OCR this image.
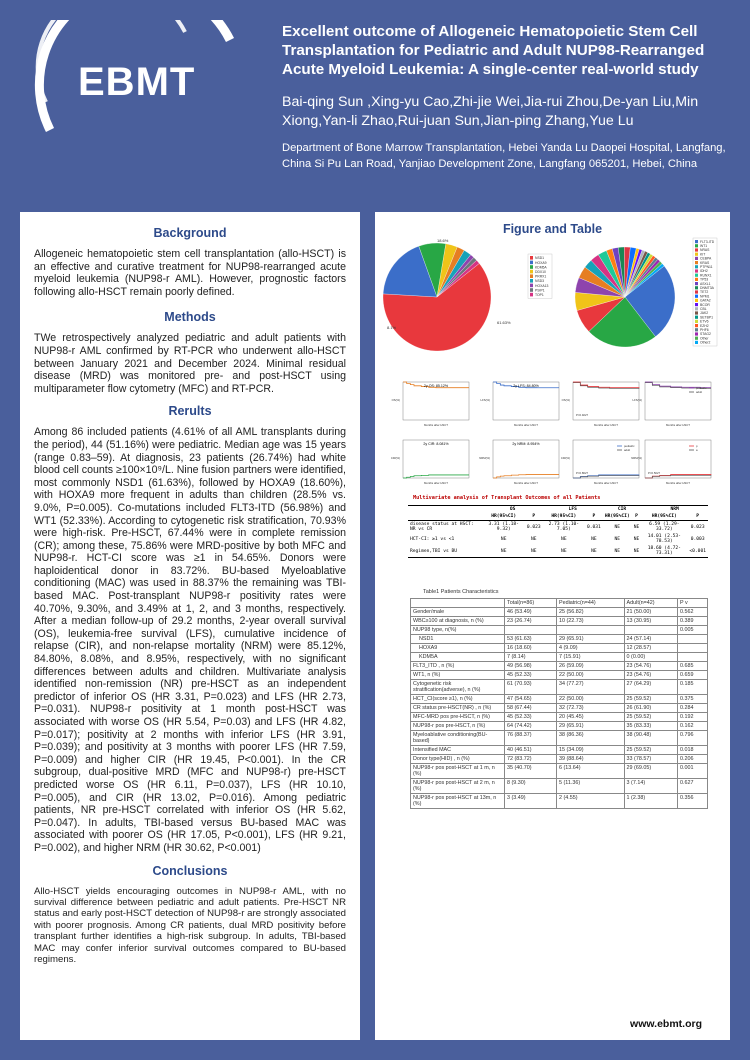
EBMT
Excellent outcome of Allogeneic Hematopoietic Stem Cell Transplantation for Pediatric and Adult NUP98-Rearranged Acute Myeloid Leukemia: A single-center real-world study
Bai-qing Sun ,Xing-yu Cao,Zhi-jie Wei,Jia-rui Zhou,De-yan Liu,Min Xiong,Yan-li Zhao,Rui-juan Sun,Jian-ping Zhang,Yue Lu
Department of Bone Marrow Transplantation, Hebei Yanda Lu Daopei Hospital, Langfang, China Si Pu Lan Road, Yanjiao Development Zone, Langfang 065201, Hebei, China
Background

Allogeneic hematopoietic stem cell transplantation (allo-HSCT) is an effective and curative treatment for NUP98-rearranged acute myeloid leukemia (NUP98-r AML). However, prognostic factors following allo-HSCT remain poorly defined.

Methods

TWe retrospectively analyzed pediatric and adult patients with NUP98-r AML confirmed by RT-PCR who underwent allo-HSCT between January 2021 and December 2024. Minimal residual disease (MRD) was monitored pre- and post-HSCT using multiparameter flow cytometry (MFC) and RT-PCR.

Rerults

Among 86 included patients (4.61% of all AML transplants during the period), 44 (51.16%) were pediatric. Median age was 15 years (range 0.83–59). At diagnosis, 23 patients (26.74%) had white blood cell counts ≥100×10⁹/L. Nine fusion partners were identified, most commonly NSD1 (61.63%), followed by HOXA9 (18.60%), with HOXA9 more frequent in adults than children (28.5% vs. 9.0%, P=0.005). Co-mutations included FLT3-ITD (56.98%) and WT1 (52.33%). According to cytogenetic risk stratification, 70.93% were high-risk. Pre-HSCT, 67.44% were in complete remission (CR); among these, 75.86% were MRD-positive by both MFC and NUP98-r. HCT-CI score was ≥1 in 54.65%. Donors were haploidentical donor in 83.72%. BU-based Myeloablative conditioning (MAC) was used in 88.37% the remaining was TBI-based MAC. Post-transplant NUP98-r positivity rates were 40.70%, 9.30%, and 3.49% at 1, 2, and 3 months, respectively. After a median follow-up of 29.2 months, 2-year overall survival (OS), leukemia-free survival (LFS), cumulative incidence of relapse (CIR), and non-relapse mortality (NRM) were 85.12%, 84.80%, 8.08%, and 8.95%, respectively, with no significant differences between adults and children. Multivariate analysis identified non-remission (NR) pre-HSCT as an independent predictor of inferior OS (HR 3.31, P=0.023) and LFS (HR 2.73, P=0.031). NUP98-r positivity at 1 month post-HSCT was associated with worse OS (HR 5.54, P=0.03) and LFS (HR 4.82, P=0.017); positivity at 2 months with inferior LFS (HR 3.91, P=0.039); and positivity at 3 months with poorer LFS (HR 7.59, P=0.009) and higher CIR (HR 19.45, P<0.001). In the CR subgroup, dual-positive MRD (MFC and NUP98-r) pre-HSCT predicted worse OS (HR 6.11, P=0.037), LFS (HR 10.10, P=0.005), and CIR (HR 13.02, P=0.016). Among pediatric patients, NR pre-HSCT correlated with inferior OS (HR 5.62, P=0.047). In adults, TBI-based versus BU-based MAC was associated with poorer OS (HR 17.05, P<0.001), LFS (HR 9.21, P=0.002), and higher NRM (HR 30.62, P<0.001)

Conclusions

Allo-HSCT yields encouraging outcomes in NUP98-r AML, with no survival difference between pediatric and adult patients. Pre-HSCT NR status and early post-HSCT detection of NUP98-r are strongly associated with poorer prognosis. Among CR patients, dual MRD positivity before transplant further identifies a high-risk subgroup. In adults, TBI-based MAC may confer inferior survival outcomes compared to BU-based regimens.

Figure and Table
NSD1
HOXA9
KDM5A
DDX10
PRRX1
NSD3
HOXA13
PSIP1
TOP1
8.1%
61.63%
18.6%	FLT3-ITD
WT1
NRAS
KIT
CEBPA
KRAS
PTPN11
IDH2
RUNX1
TP53
ASXL1
DNMT3A
TET2
NPM1
GATA2
BCOR
CBL
JAK2
SETBP1
ETV6
EZH2
PHF6
STAG2
Other
Other2
2y OS: 85.12%
OS(%)
Months after HSCT
2y LFS: 84.80%
LFS(%)
Months after HSCT
OS(%)
Months after HSCT
P=0.9227
LFS(%)
Months after HSCT
pediatric
adult
2y CIR: 8.081%
CIR(%)
Months after HSCT
2y NRM: 8.954%
NRM(%)
Months after HSCT
CIR(%)
Months after HSCT
P=0.8627
pediatric
adult
NRM(%)
Months after HSCT
P=0.5027
p
a
Multivariate analysis of Transplant Outcomes of all Patients
	OS		LFS		CIR		NRM	
	HR(95%CI)	P	HR(95%CI)	P	HR(95%CI)	P	HR(95%CI)	P
disease status at HSCT: NR vs CR	3.31 (1.18-9.32)	0.023	2.73 (1.10-7.05)	0.031	NE	NE	6.59 (1.29-33.72)	0.023
HCT-CI: ≥1 vs <1	NE	NE	NE	NE	NE	NE	14.01 (2.53-78.53)	0.003
Regimen,TBI vs BU	NE	NE	NE	NE	NE	NE	18.60 (4.72-73.31)	<0.001
Table1 Patients Characteristics
	Total(n=86)	Pediatric(n=44)	Adult(n=42)	P v
Gender/male	46 (53.49)	25 (56.82)	21 (50.00)	0.562
WBC≥100 at diagnosis, n (%)	23 (26.74)	10 (22.73)	13 (30.95)	0.389
NUP98 type, n(%)				0.005
NSD1	53 (61.63)	29 (65.91)	24 (57.14)	
HOXA9	16 (18.60)	4 (9.09)	12 (28.57)	
KDM5A	7 (8.14)	7 (15.91)	0 (0.00)	
FLT3_ITD , n (%)	49 (56.98)	26 (59.09)	23 (54.76)	0.685
WT1, n (%)	45 (52.33)	22 (50.00)	23 (54.76)	0.659
Cytogenetic risk stratification(adverse), n (%)	61 (70.93)	34 (77.27)	27 (64.29)	0.185
HCT_CI(score ≥1), n (%)	47 (54.65)	22 (50.00)	25 (59.52)	0.375
CR status pre-HSCT(NR) , n (%)	58 (67.44)	32 (72.73)	26 (61.90)	0.284
MFC-MRD pos pre-HSCT, n (%)	45 (52.33)	20 (45.45)	25 (59.52)	0.192
NUP98-r pos pre-HSCT, n (%)	64 (74.42)	29 (65.91)	35 (83.33)	0.162
Myeloablative conditioning(BU-based)	76 (88.37)	38 (86.36)	38 (90.48)	0.796
Intensified MAC	40 (46.51)	15 (34.09)	25 (59.52)	0.018
Donor type(HID) , n (%)	72 (83.72)	39 (88.64)	33 (78.57)	0.206
NUP98-r pos post-HSCT at 1 m, n (%)	35 (40.70)	6 (13.64)	29 (69.05)	0.001
NUP98-r pos post-HSCT at 2 m, n (%)	8 (9.30)	5 (11.36)	3 (7.14)	0.627
NUP98-r pos post-HSCT at 13m, n (%)	3 (3.49)	2 (4.55)	1 (2.38)	0.356
www.ebmt.org
